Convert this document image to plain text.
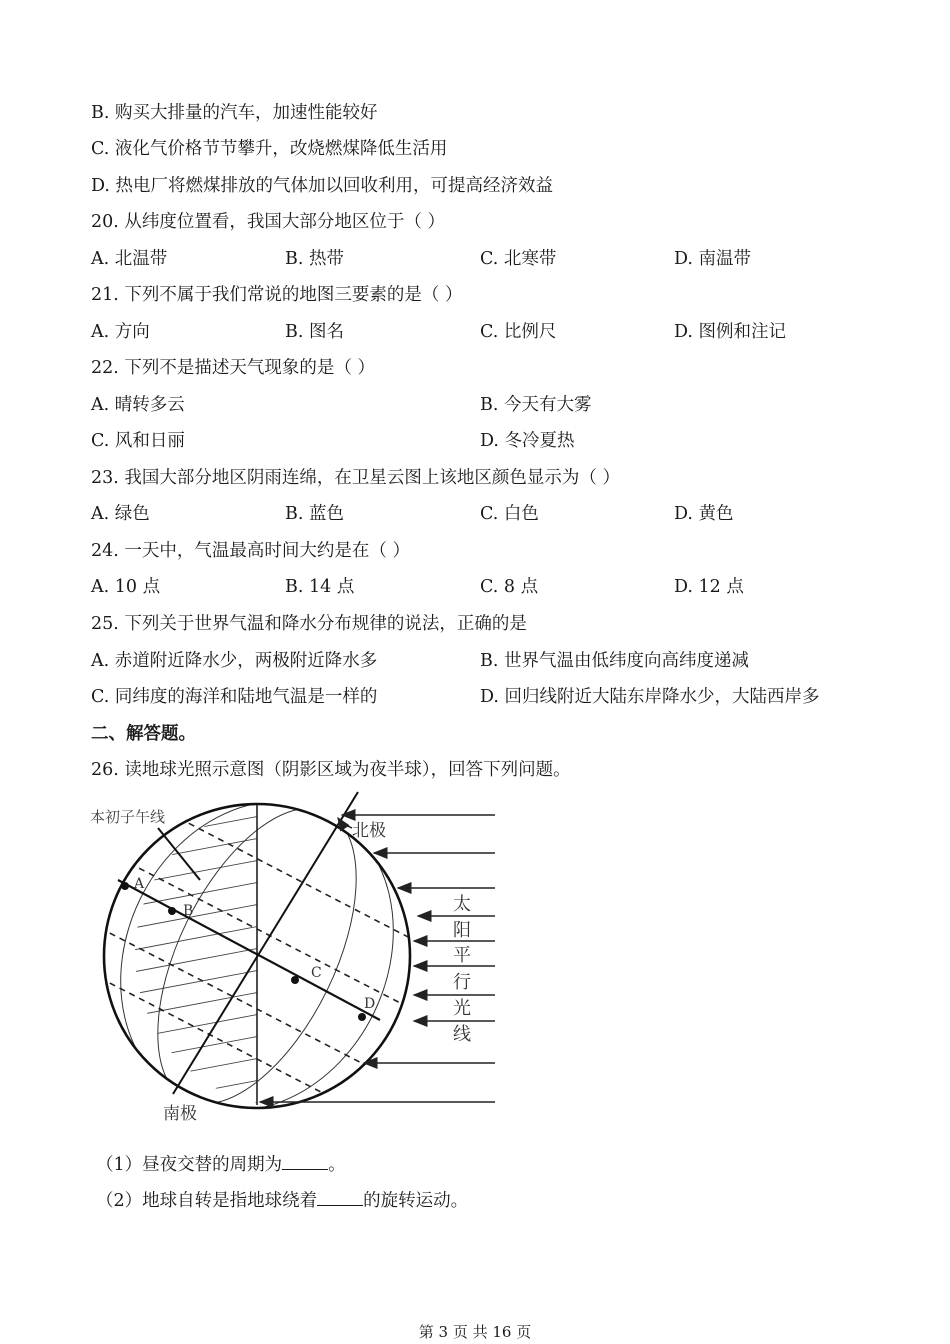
B. 购买大排量的汽车，加速性能较好
C. 液化气价格节节攀升，改烧燃煤降低生活用
D. 热电厂将燃煤排放的气体加以回收利用，可提高经济效益
20. 从纬度位置看，我国大部分地区位于（ ）
A. 北温带	B. 热带	C. 北寒带	D. 南温带
21. 下列不属于我们常说的地图三要素的是（ ）
A. 方向	B. 图名	C. 比例尺	D. 图例和注记
22. 下列不是描述天气现象的是（ ）
A. 晴转多云	B. 今天有大雾
C. 风和日丽	D. 冬冷夏热
23. 我国大部分地区阴雨连绵，在卫星云图上该地区颜色显示为（ ）
A. 绿色	B. 蓝色	C. 白色	D. 黄色
24. 一天中，气温最高时间大约是在（ ）
A. 10 点	B. 14 点	C. 8 点	D. 12 点
25. 下列关于世界气温和降水分布规律的说法，正确的是
A. 赤道附近降水少，两极附近降水多	B. 世界气温由低纬度向高纬度递减
C. 同纬度的海洋和陆地气温是一样的	D. 回归线附近大陆东岸降水少，大陆西岸多
二、解答题。
26. 读地球光照示意图（阴影区域为夜半球），回答下列问题。
A
B
C
D
本初子午线
北极
南极
太
阳
平
行
光
线
（1）昼夜交替的周期为	。
（2）地球自转是指地球绕着	的旋转运动。
第 3 页 共 16 页
